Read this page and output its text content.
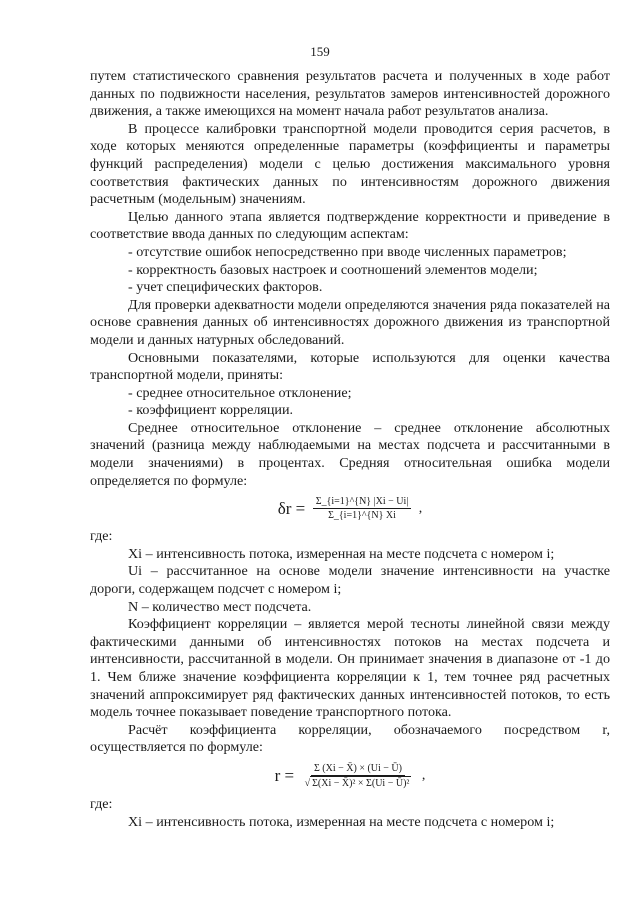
159

путем статистического сравнения результатов расчета и полученных в ходе работ данных по подвижности населения, результатов замеров интенсивностей дорожного движения, а также имеющихся на момент начала работ результатов анализа.

В процессе калибровки транспортной модели проводится серия расчетов, в ходе которых меняются определенные параметры (коэффициенты и параметры функций распределения) модели с целью достижения максимального уровня соответствия фактических данных по интенсивностям дорожного движения расчетным (модельным) значениям.

Целью данного этапа является подтверждение корректности и приведение в соответствие ввода данных по следующим аспектам:

- отсутствие ошибок непосредственно при вводе численных параметров;

- корректность базовых настроек и соотношений элементов модели;

- учет специфических факторов.

Для проверки адекватности модели определяются значения ряда показателей на основе сравнения данных об интенсивностях дорожного движения из транспортной модели и данных натурных обследований.

Основными показателями, которые используются для оценки качества транспортной модели, приняты:

- среднее относительное отклонение;

- коэффициент корреляции.

Среднее относительное отклонение – среднее отклонение абсолютных значений (разница между наблюдаемыми на местах подсчета и рассчитанными в модели значениями) в процентах. Средняя относительная ошибка модели определяется по формуле:

$\delta r = \frac{\Sigma\_\{i=1\}\^{}\{N\} |Xi - Ui|}{\Sigma\_\{i=1\}\^{}\{N\} Xi}$ ,

где:

Xi – интенсивность потока, измеренная на месте подсчета с номером i;

Ui – рассчитанное на основе модели значение интенсивности на участке дороги, содержащем подсчет с номером i;

N – количество мест подсчета.

Коэффициент корреляции – является мерой тесноты линейной связи между фактическими данными об интенсивностях потоков на местах подсчета и интенсивности, рассчитанной в модели. Он принимает значения в диапазоне от -1 до 1. Чем ближе значение коэффициента корреляции к 1, тем точнее ряд расчетных значений аппроксимирует ряд фактических данных интенсивностей потоков, то есть модель точнее показывает поведение транспортного потока.

Расчёт коэффициента корреляции, обозначаемого посредством r, осуществляется по формуле:

$r = \frac{\Sigma (Xi - X̄) \times (Ui - Ū)}{\text{√ Σ(Xi − X̄)² × Σ(Ui − Ū)²}}$ ,

где:

Xi – интенсивность потока, измеренная на месте подсчета с номером i;
